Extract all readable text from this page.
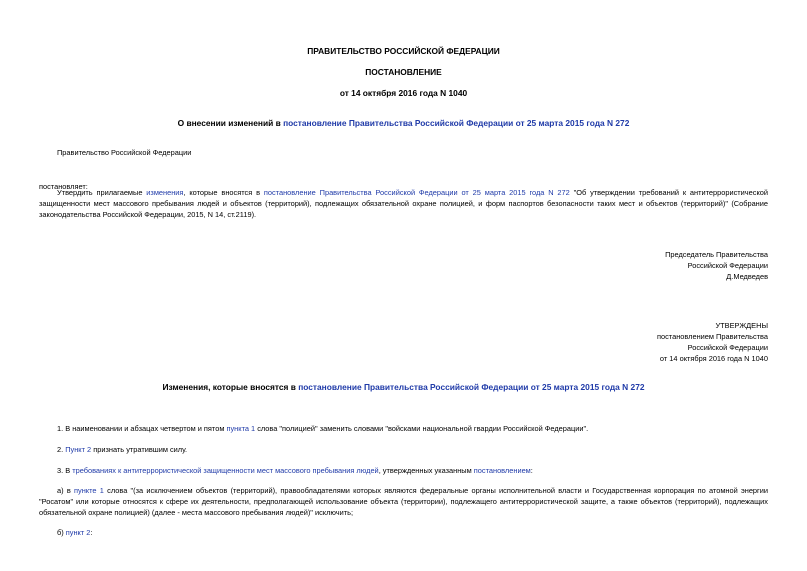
ПРАВИТЕЛЬСТВО РОССИЙСКОЙ ФЕДЕРАЦИИ
ПОСТАНОВЛЕНИЕ
от 14 октября 2016 года N 1040
О внесении изменений в постановление Правительства Российской Федерации от 25 марта 2015 года N 272
Правительство Российской Федерации
постановляет:
Утвердить прилагаемые изменения, которые вносятся в постановление Правительства Российской Федерации от 25 марта 2015 года N 272 "Об утверждении требований к антитеррористической защищенности мест массового пребывания людей и объектов (территорий), подлежащих обязательной охране полицией, и форм паспортов безопасности таких мест и объектов (территорий)" (Собрание законодательства Российской Федерации, 2015, N 14, ст.2119).
Председатель Правительства
Российской Федерации
Д.Медведев
УТВЕРЖДЕНЫ
постановлением Правительства
Российской Федерации
от 14 октября 2016 года N 1040
Изменения, которые вносятся в постановление Правительства Российской Федерации от 25 марта 2015 года N 272
1. В наименовании и абзацах четвертом и пятом пункта 1 слова "полицией" заменить словами "войсками национальной гвардии Российской Федерации".
2. Пункт 2 признать утратившим силу.
3. В требованиях к антитеррористической защищенности мест массового пребывания людей, утвержденных указанным постановлением:
а) в пункте 1 слова "(за исключением объектов (территорий), правообладателями которых являются федеральные органы исполнительной власти и Государственная корпорация по атомной энергии "Росатом" или которые относятся к сфере их деятельности, предполагающей использование объекта (территории), подлежащего антитеррористической защите, а также объектов (территорий), подлежащих обязательной охране полицией) (далее - места массового пребывания людей)" исключить;
б) пункт 2:
